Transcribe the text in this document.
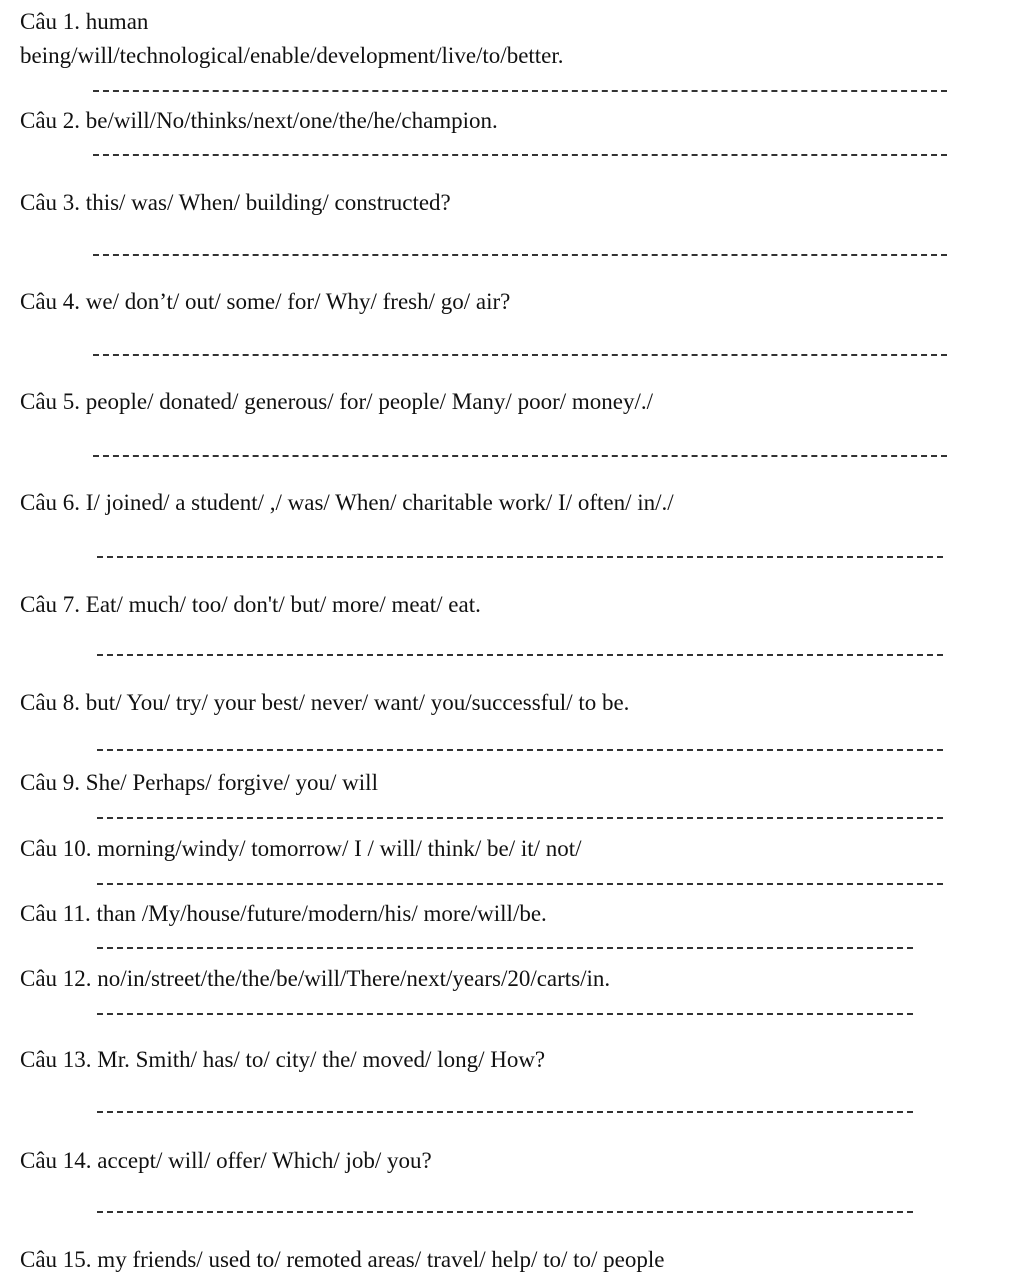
Câu 1. human

being/will/technological/enable/development/live/to/better.

Câu 2. be/will/No/thinks/next/one/the/he/champion.

Câu 3. this/ was/ When/ building/ constructed?

Câu 4. we/ don’t/ out/ some/ for/ Why/ fresh/ go/ air?

Câu 5. people/ donated/ generous/ for/ people/ Many/ poor/ money/./

Câu 6. I/ joined/ a student/ ,/ was/ When/ charitable work/ I/ often/ in/./

Câu 7. Eat/ much/ too/ don't/ but/ more/ meat/ eat.

Câu 8. but/ You/ try/ your best/ never/ want/ you/successful/ to be.

Câu 9. She/ Perhaps/ forgive/ you/ will

Câu 10. morning/windy/ tomorrow/ I / will/ think/ be/ it/ not/

Câu 11. than /My/house/future/modern/his/ more/will/be.

Câu 12. no/in/street/the/the/be/will/There/next/years/20/carts/in.

Câu 13. Mr. Smith/ has/ to/ city/ the/ moved/ long/ How?

Câu 14. accept/ will/ offer/ Which/ job/ you?

Câu 15. my friends/ used to/ remoted areas/ travel/ help/ to/ to/ people
